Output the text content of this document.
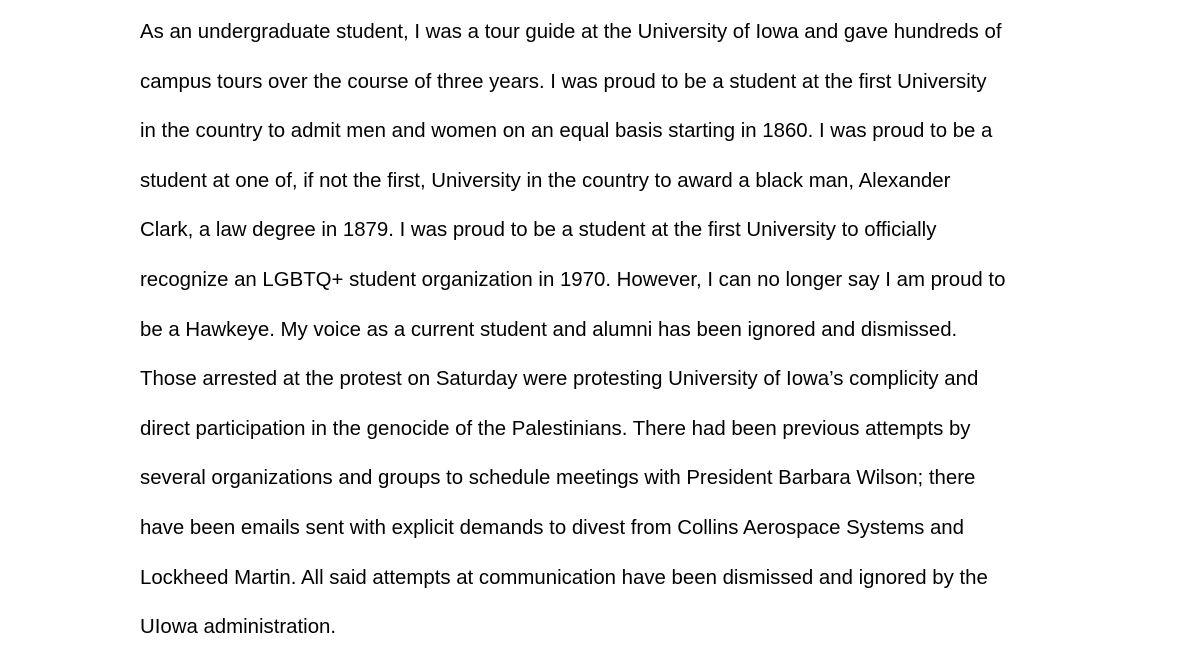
As an undergraduate student, I was a tour guide at the University of Iowa and gave hundreds of
campus tours over the course of three years. I was proud to be a student at the first University
in the country to admit men and women on an equal basis starting in 1860. I was proud to be a
student at one of, if not the first, University in the country to award a black man, Alexander
Clark, a law degree in 1879. I was proud to be a student at the first University to officially
recognize an LGBTQ+ student organization in 1970. However, I can no longer say I am proud to
be a Hawkeye. My voice as a current student and alumni has been ignored and dismissed.
Those arrested at the protest on Saturday were protesting University of Iowa’s complicity and
direct participation in the genocide of the Palestinians. There had been previous attempts by
several organizations and groups to schedule meetings with President Barbara Wilson; there
have been emails sent with explicit demands to divest from Collins Aerospace Systems and
Lockheed Martin. All said attempts at communication have been dismissed and ignored by the
UIowa administration.
